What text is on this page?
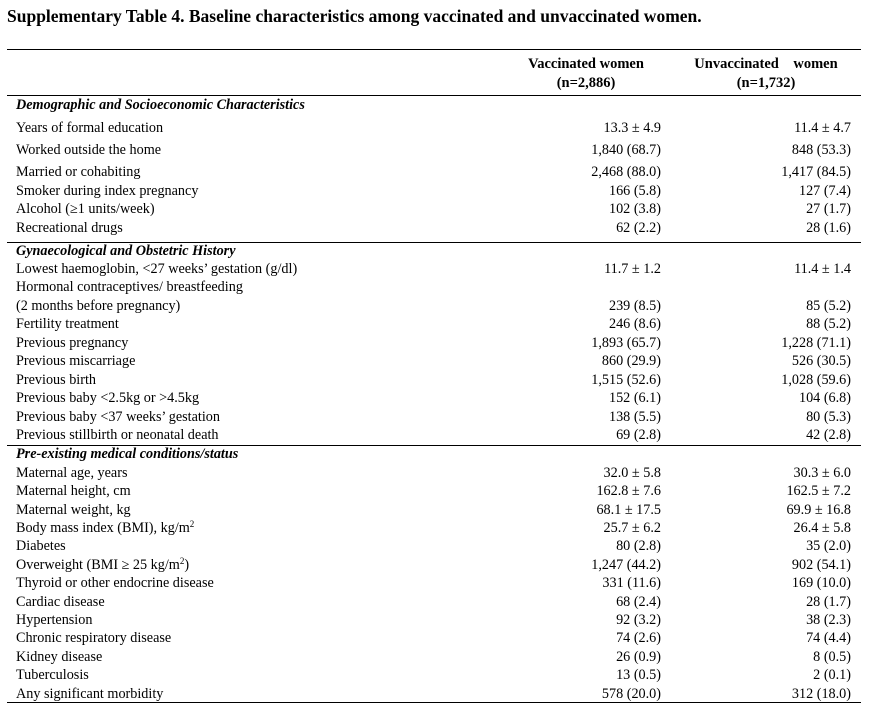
Supplementary Table 4. Baseline characteristics among vaccinated and unvaccinated women.
Vaccinated women
(n=2,886)
Unvaccinated    women
(n=1,732)
Demographic and Socioeconomic Characteristics
Years of formal education	13.3 ± 4.9	11.4 ± 4.7
Worked outside the home	1,840 (68.7)	848 (53.3)
Married or cohabiting	2,468 (88.0)	1,417 (84.5)
Smoker during index pregnancy	166 (5.8)	127 (7.4)
Alcohol (≥1 units/week)	102 (3.8)	27 (1.7)
Recreational drugs	62 (2.2)	28 (1.6)
Gynaecological and Obstetric History
Lowest haemoglobin, <27 weeks’ gestation (g/dl)	11.7 ± 1.2	11.4 ± 1.4
Hormonal contraceptives/ breastfeeding
(2 months before pregnancy)	239 (8.5)	85 (5.2)
Fertility treatment	246 (8.6)	88 (5.2)
Previous pregnancy	1,893 (65.7)	1,228 (71.1)
Previous miscarriage	860 (29.9)	526 (30.5)
Previous birth	1,515 (52.6)	1,028 (59.6)
Previous baby <2.5kg or >4.5kg	152 (6.1)	104 (6.8)
Previous baby <37 weeks’ gestation	138 (5.5)	80 (5.3)
Previous stillbirth or neonatal death	69 (2.8)	42 (2.8)
Pre-existing medical conditions/status
Maternal age, years	32.0 ± 5.8	30.3 ± 6.0
Maternal height, cm	162.8 ± 7.6	162.5 ± 7.2
Maternal weight, kg	68.1 ± 17.5	69.9 ± 16.8
Body mass index (BMI), $kg/m^2$	25.7 ± 6.2	26.4 ± 5.8
Diabetes	80 (2.8)	35 (2.0)
Overweight (BMI ≥ 25 $kg/m^2$)	1,247 (44.2)	902 (54.1)
Thyroid or other endocrine disease	331 (11.6)	169 (10.0)
Cardiac disease	68 (2.4)	28 (1.7)
Hypertension	92 (3.2)	38 (2.3)
Chronic respiratory disease	74 (2.6)	74 (4.4)
Kidney disease	26 (0.9)	8 (0.5)
Tuberculosis	13 (0.5)	2 (0.1)
Any significant morbidity	578 (20.0)	312 (18.0)
